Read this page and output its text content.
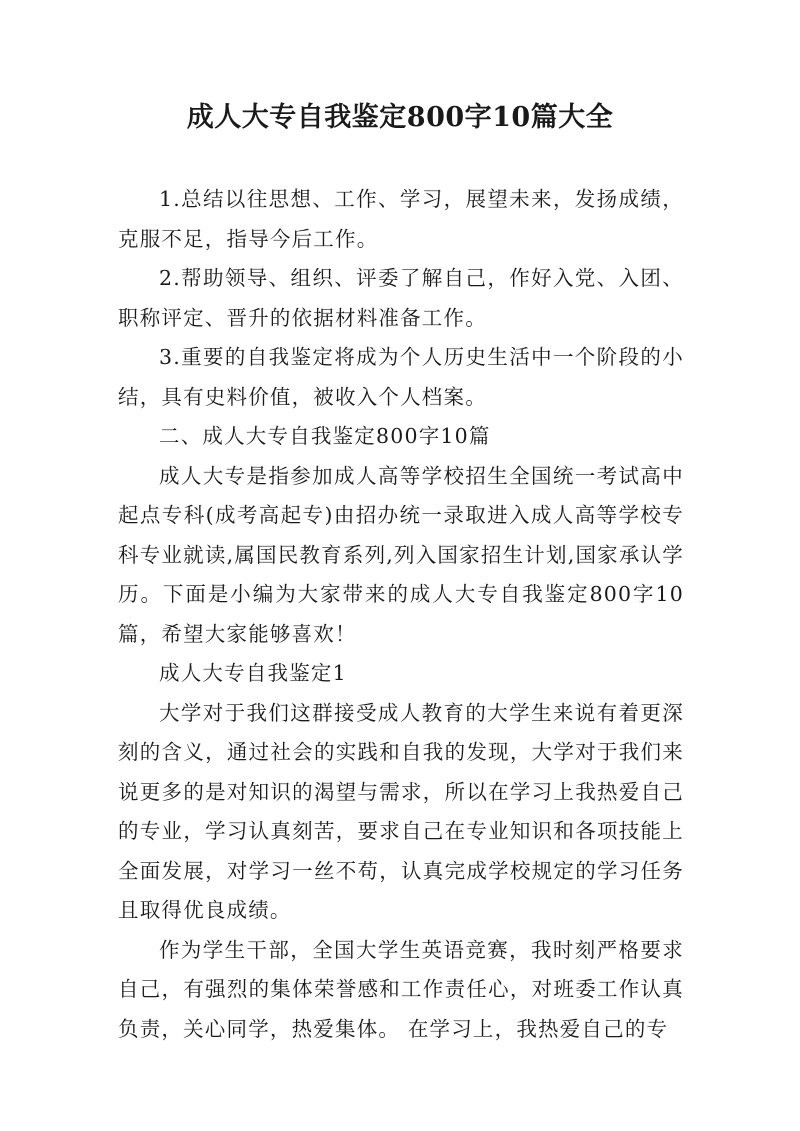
成人大专自我鉴定800字10篇大全

1.总结以往思想、工作、学习，展望未来，发扬成绩，克服不足，指导今后工作。

2.帮助领导、组织、评委了解自己，作好入党、入团、职称评定、晋升的依据材料准备工作。

3.重要的自我鉴定将成为个人历史生活中一个阶段的小结，具有史料价值，被收入个人档案。

二、成人大专自我鉴定800字10篇

成人大专是指参加成人高等学校招生全国统一考试高中起点专科(成考高起专)由招办统一录取进入成人高等学校专科专业就读,属国民教育系列,列入国家招生计划,国家承认学历。下面是小编为大家带来的成人大专自我鉴定800字10篇，希望大家能够喜欢！

成人大专自我鉴定1

大学对于我们这群接受成人教育的大学生来说有着更深刻的含义，通过社会的实践和自我的发现，大学对于我们来说更多的是对知识的渴望与需求，所以在学习上我热爱自己的专业，学习认真刻苦，要求自己在专业知识和各项技能上全面发展，对学习一丝不苟，认真完成学校规定的学习任务且取得优良成绩。

作为学生干部，全国大学生英语竞赛，我时刻严格要求自己，有强烈的集体荣誉感和工作责任心，对班委工作认真负责，关心同学，热爱集体。 在学习上，我热爱自己的专
